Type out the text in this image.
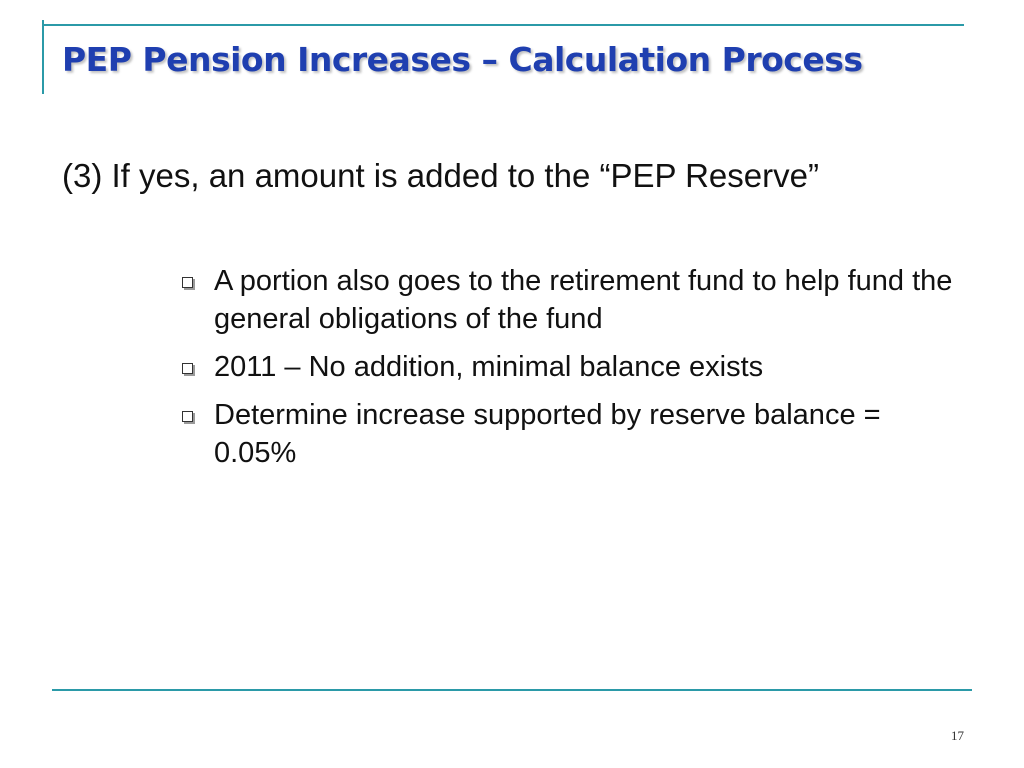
PEP Pension Increases – Calculation Process
(3) If yes, an amount is added to the “PEP Reserve”
A portion also goes to the retirement fund to help fund the general obligations of the fund
2011 – No addition, minimal balance exists
Determine increase supported by reserve balance = 0.05%
17
